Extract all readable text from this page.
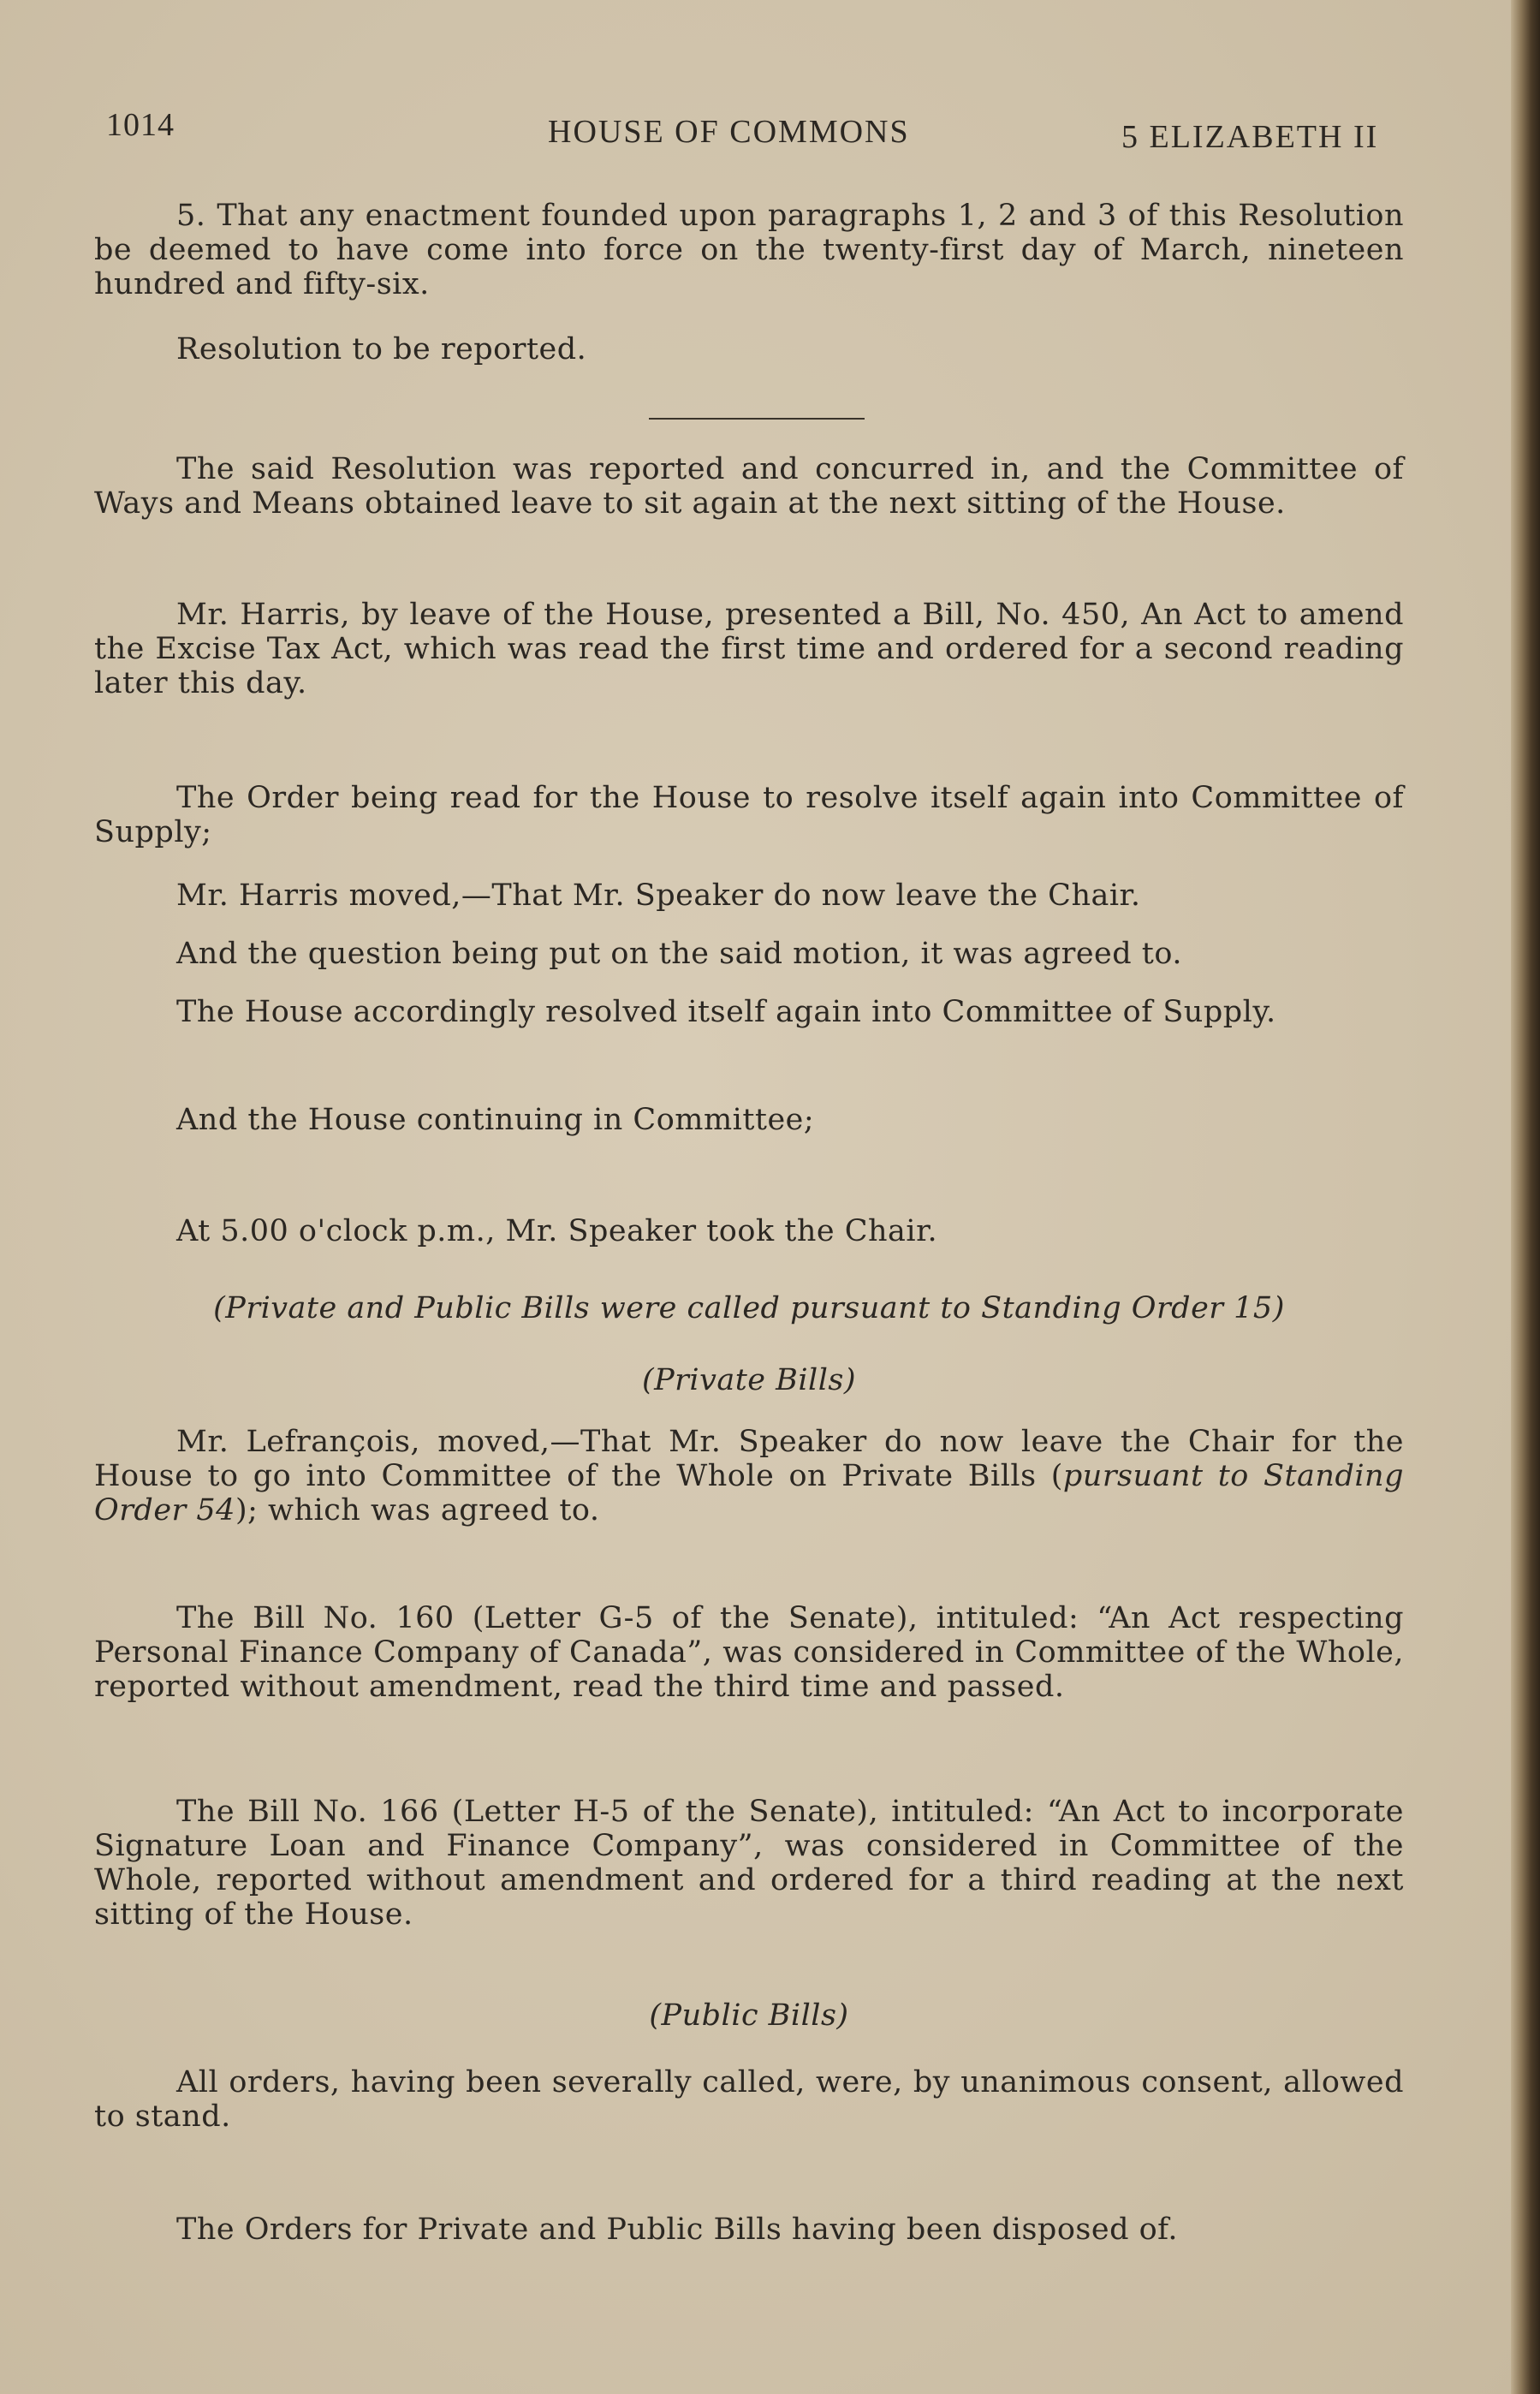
1014	HOUSE OF COMMONS	5 ELIZABETH II
5. That any enactment founded upon paragraphs 1, 2 and 3 of this Resolution be deemed to have come into force on the twenty-first day of March, nineteen hundred and fifty-six.
Resolution to be reported.
The said Resolution was reported and concurred in, and the Committee of Ways and Means obtained leave to sit again at the next sitting of the House.
Mr. Harris, by leave of the House, presented a Bill, No. 450, An Act to amend the Excise Tax Act, which was read the first time and ordered for a second reading later this day.
The Order being read for the House to resolve itself again into Committee of Supply;
Mr. Harris moved,—That Mr. Speaker do now leave the Chair.
And the question being put on the said motion, it was agreed to.
The House accordingly resolved itself again into Committee of Supply.
And the House continuing in Committee;
At 5.00 o'clock p.m., Mr. Speaker took the Chair.
(Private and Public Bills were called pursuant to Standing Order 15)
(Private Bills)
Mr. Lefrançois, moved,—That Mr. Speaker do now leave the Chair for the House to go into Committee of the Whole on Private Bills (pursuant to Standing Order 54); which was agreed to.
The Bill No. 160 (Letter G-5 of the Senate), intituled: “An Act respecting Personal Finance Company of Canada”, was considered in Committee of the Whole, reported without amendment, read the third time and passed.
The Bill No. 166 (Letter H-5 of the Senate), intituled: “An Act to incorporate Signature Loan and Finance Company”, was considered in Committee of the Whole, reported without amendment and ordered for a third reading at the next sitting of the House.
(Public Bills)
All orders, having been severally called, were, by unanimous consent, allowed to stand.
The Orders for Private and Public Bills having been disposed of.
